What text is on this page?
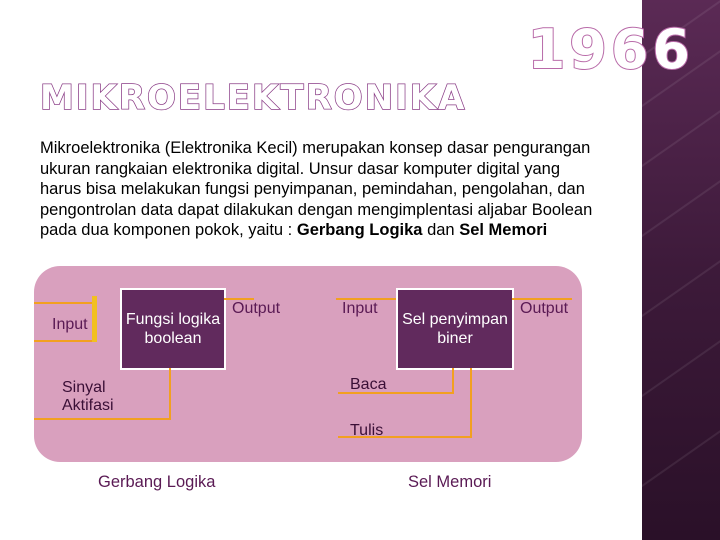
1966
MIKROELEKTRONIKA
Mikroelektronika (Elektronika Kecil) merupakan konsep dasar pengurangan ukuran rangkaian elektronika digital. Unsur dasar komputer digital yang harus bisa melakukan fungsi penyimpanan, pemindahan, pengolahan, dan pengontrolan data dapat dilakukan dengan mengimplentasi aljabar Boolean pada dua komponen pokok, yaitu : Gerbang Logika dan Sel Memori
Input Fungsi logika boolean
Output
Sinyal Aktifasi
Gerbang Logika
Input
Sel penyimpan biner
Output
Baca
Tulis
Sel Memori
